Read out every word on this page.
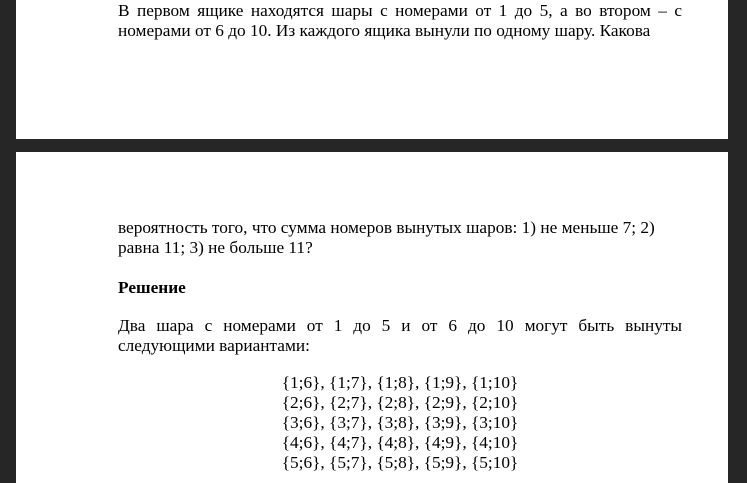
В первом ящике находятся шары с номерами от 1 до 5, а во втором – с номерами от 6 до 10. Из каждого ящика вынули по одному шару. Какова

вероятность того, что сумма номеров вынутых шаров: 1) не меньше 7; 2) равна 11; 3) не больше 11?

Решение

Два шара с номерами от 1 до 5 и от 6 до 10 могут быть вынуты следующими вариантами:

{1;6}, {1;7}, {1;8}, {1;9}, {1;10}
{2;6}, {2;7}, {2;8}, {2;9}, {2;10}
{3;6}, {3;7}, {3;8}, {3;9}, {3;10}
{4;6}, {4;7}, {4;8}, {4;9}, {4;10}
{5;6}, {5;7}, {5;8}, {5;9}, {5;10}
